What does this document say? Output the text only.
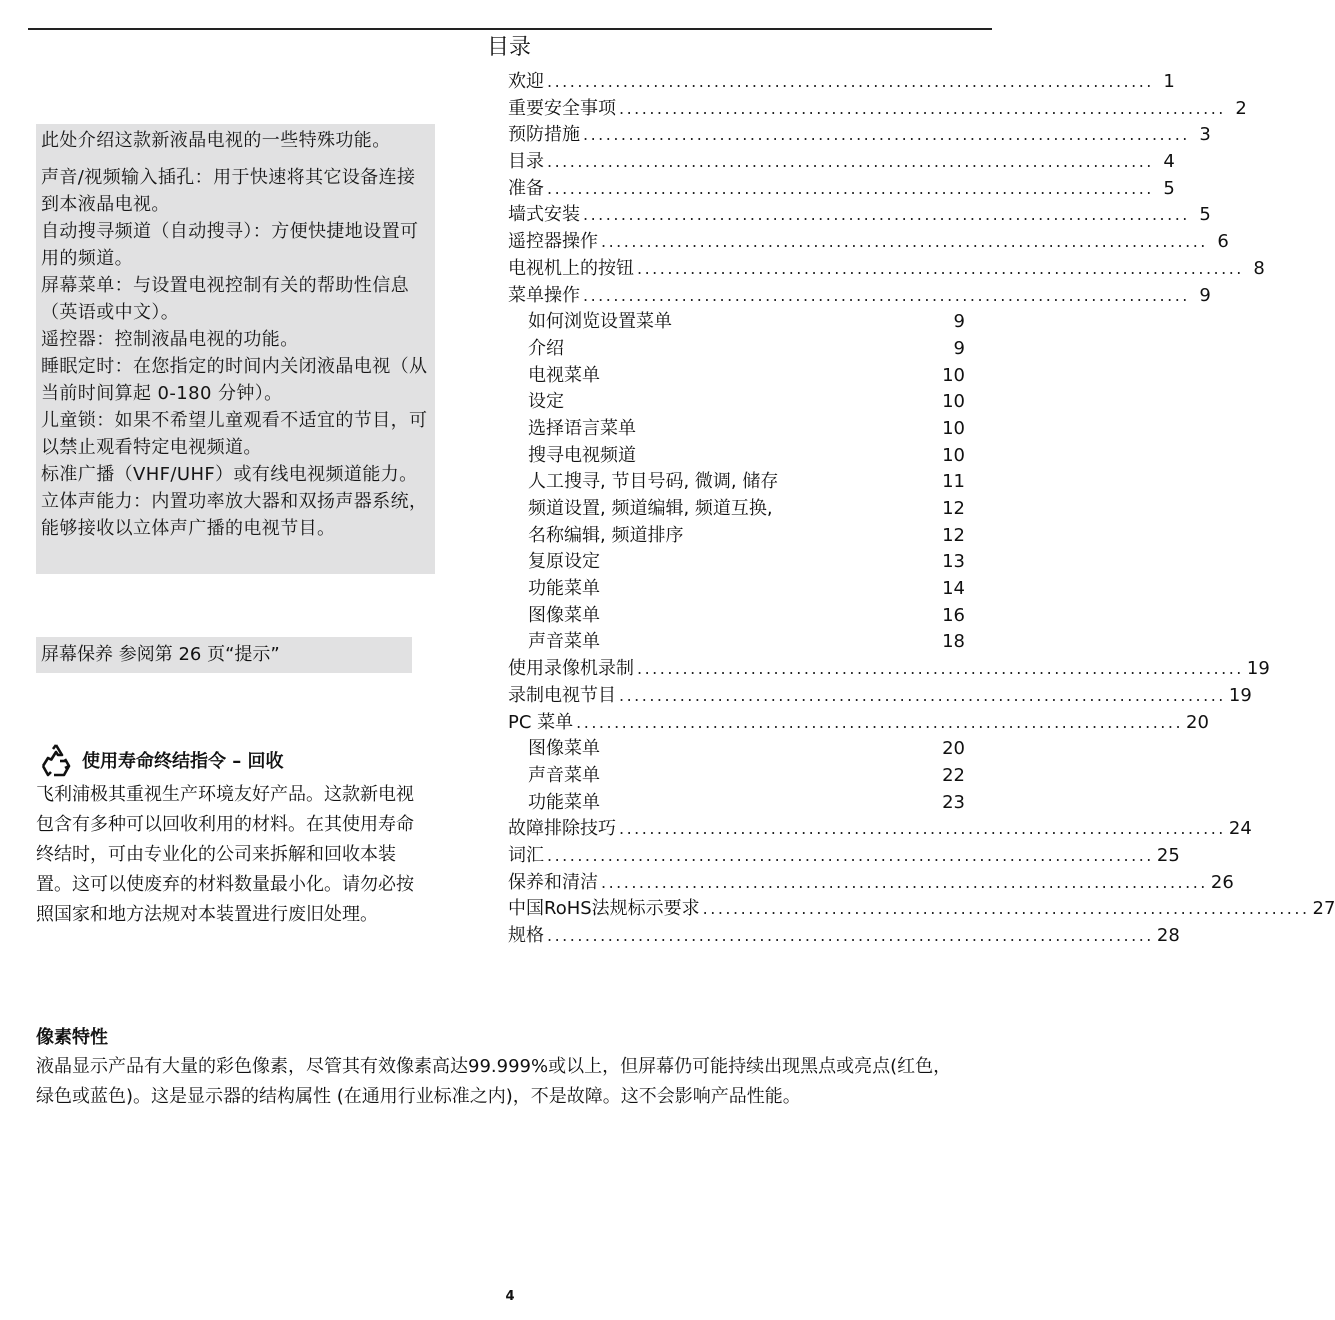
目录
欢迎 ................................................................................ 1
重要安全事项 ................................................................................ 2
预防措施 ................................................................................ 3
目录 ................................................................................ 4
准备 ................................................................................ 5
墙式安装 ................................................................................ 5
遥控器操作 ................................................................................ 6
电视机上的按钮 ................................................................................ 8
菜单操作 ................................................................................ 9
如何浏览设置菜单	9
介绍	9
电视菜单	10
设定	10
选择语言菜单	10
搜寻电视频道	10
人工搜寻, 节目号码, 微调, 储存	11
频道设置, 频道编辑, 频道互换,	12
名称编辑, 频道排序	12
复原设定	13
功能菜单	14
图像菜单	16
声音菜单	18
使用录像机录制 ................................................................................ 19
录制电视节目 ................................................................................ 19
PC 菜单 ................................................................................ 20
图像菜单	20
声音菜单	22
功能菜单	23
故障排除技巧 ................................................................................ 24
词汇 ................................................................................ 25
保养和清洁 ................................................................................ 26
中国RoHS法规标示要求 ................................................................................ 27
规格 ................................................................................ 28

此处介绍这款新液晶电视的一些特殊功能。

声音/视频输入插孔：用于快速将其它设备连接到本液晶电视。

自动搜寻频道（自动搜寻）：方便快捷地设置可用的频道。

屏幕菜单：与设置电视控制有关的帮助性信息（英语或中文）。

遥控器：控制液晶电视的功能。

睡眠定时：在您指定的时间内关闭液晶电视（从当前时间算起 0-180 分钟）。

儿童锁：如果不希望儿童观看不适宜的节目，可以禁止观看特定电视频道。

标准广播（VHF/UHF）或有线电视频道能力。

立体声能力：内置功率放大器和双扬声器系统，能够接收以立体声广播的电视节目。

屏幕保养 参阅第 26 页“提示”
使用寿命终结指令 – 回收

飞利浦极其重视生产环境友好产品。这款新电视包含有多种可以回收利用的材料。在其使用寿命终结时，可由专业化的公司来拆解和回收本装置。这可以使废弃的材料数量最小化。请勿必按照国家和地方法规对本装置进行废旧处理。

像素特性

液晶显示产品有大量的彩色像素，尽管其有效像素高达99.999%或以上，但屏幕仍可能持续出现黑点或亮点(红色，绿色或蓝色)。这是显示器的结构属性 (在通用行业标准之内)，不是故障。这不会影响产品性能。

4
